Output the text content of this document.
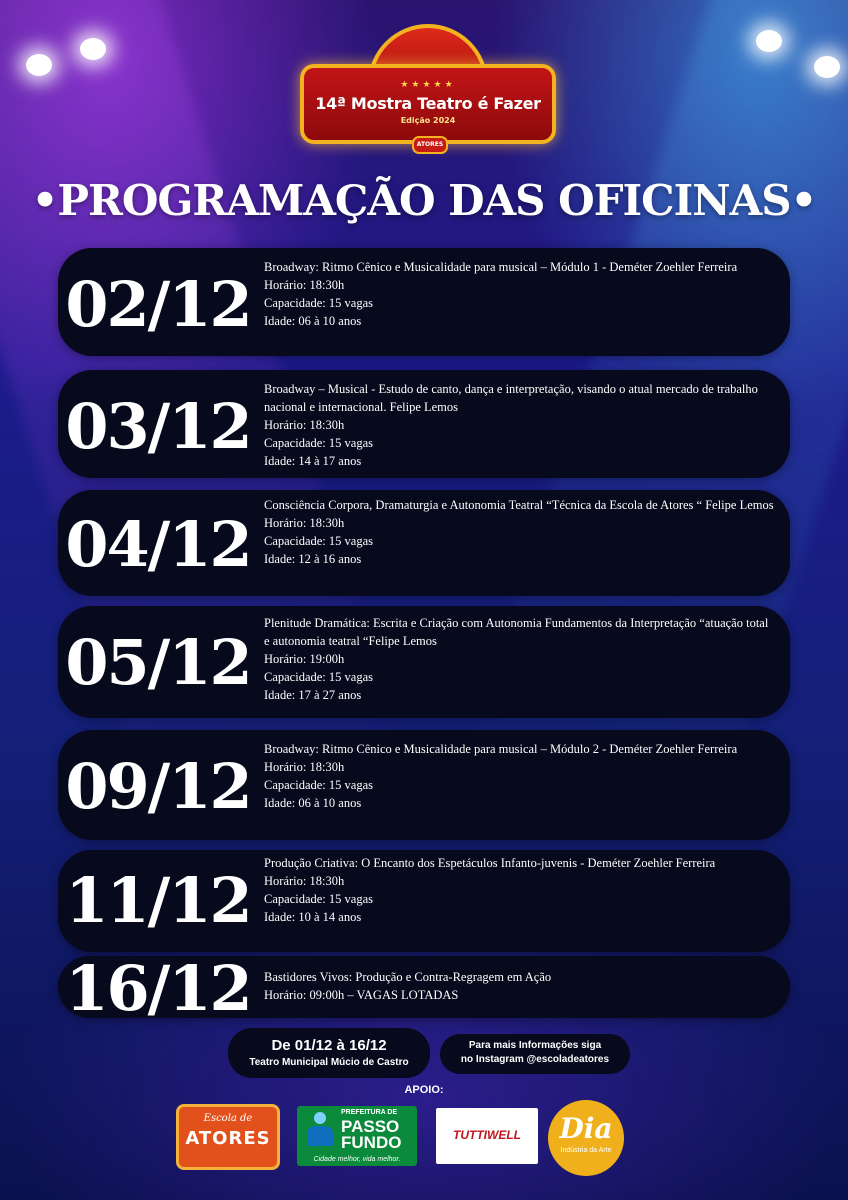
★★★★★
14ª Mostra Teatro é Fazer
Edição 2024
ATORES
•PROGRAMAÇÃO DAS OFICINAS•
02/12
Broadway: Ritmo Cênico e Musicalidade para musical – Módulo 1 - Deméter Zoehler Ferreira
Horário: 18:30h
Capacidade: 15 vagas
Idade: 06 à 10 anos
03/12
Broadway – Musical - Estudo de canto, dança e interpretação, visando o atual mercado de trabalho nacional e internacional. Felipe Lemos
Horário: 18:30h
Capacidade: 15 vagas
Idade: 14 à 17 anos
04/12
Consciência Corpora, Dramaturgia e Autonomia Teatral “Técnica da Escola de Atores “ Felipe Lemos
Horário: 18:30h
Capacidade: 15 vagas
Idade: 12 à 16 anos
05/12
Plenitude Dramática: Escrita e Criação com Autonomia Fundamentos da Interpretação “atuação total e autonomia teatral “Felipe Lemos
Horário: 19:00h
Capacidade: 15 vagas
Idade: 17 à 27 anos
09/12
Broadway: Ritmo Cênico e Musicalidade para musical – Módulo 2 - Deméter Zoehler Ferreira
Horário: 18:30h
Capacidade: 15 vagas
Idade: 06 à 10 anos
11/12
Produção Criativa: O Encanto dos Espetáculos Infanto-juvenis - Deméter Zoehler Ferreira
Horário: 18:30h
Capacidade: 15 vagas
Idade: 10 à 14 anos
16/12	Bastidores Vivos: Produção e Contra-Regragem em Ação
Horário: 09:00h – VAGAS LOTADAS
De 01/12 à 16/12
Teatro Municipal Múcio de Castro
Para mais Informações siga
no Instagram @escoladeatores
APOIO:
Escola de
ATORES
PREFEITURA DE
PASSO
FUNDO
Cidade melhor, vida melhor.
TUTTIWELL	Dia
Indústria da Arte
